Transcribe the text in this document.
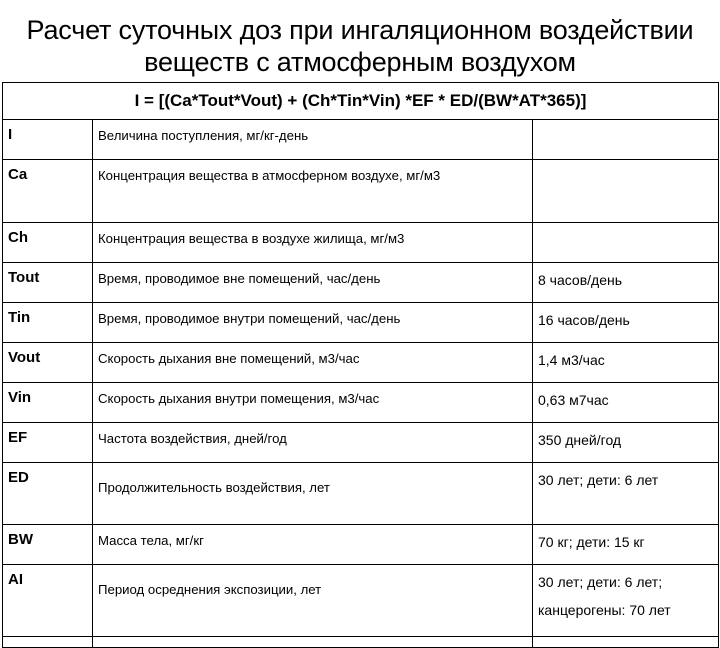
Расчет суточных доз при ингаляционном воздействии
веществ с атмосферным воздухом
I = [(Ca*Tout*Vout) + (Ch*Tin*Vin) *EF * ED/(BW*AT*365)]		
I	Величина поступления, мг/кг-день	
Ca	Концентрация вещества в атмосферном воздухе, мг/м3	
Ch	Концентрация вещества в воздухе жилища, мг/м3	
Tout	Время, проводимое вне помещений, час/день	8 часов/день
Tin	Время, проводимое внутри помещений, час/день	16 часов/день
Vout	Скорость дыхания вне помещений, м3/час	1,4 м3/час
Vin	Скорость дыхания внутри помещения, м3/час	0,63 м7час
EF	Частота воздействия, дней/год	350 дней/год
ED	Продолжительность воздействия, лет	30 лет; дети: 6 лет
BW	Масса тела, мг/кг	70 кг; дети: 15 кг
AI	Период осреднения экспозиции, лет	30 лет; дети: 6 лет;
канцерогены: 70 лет
